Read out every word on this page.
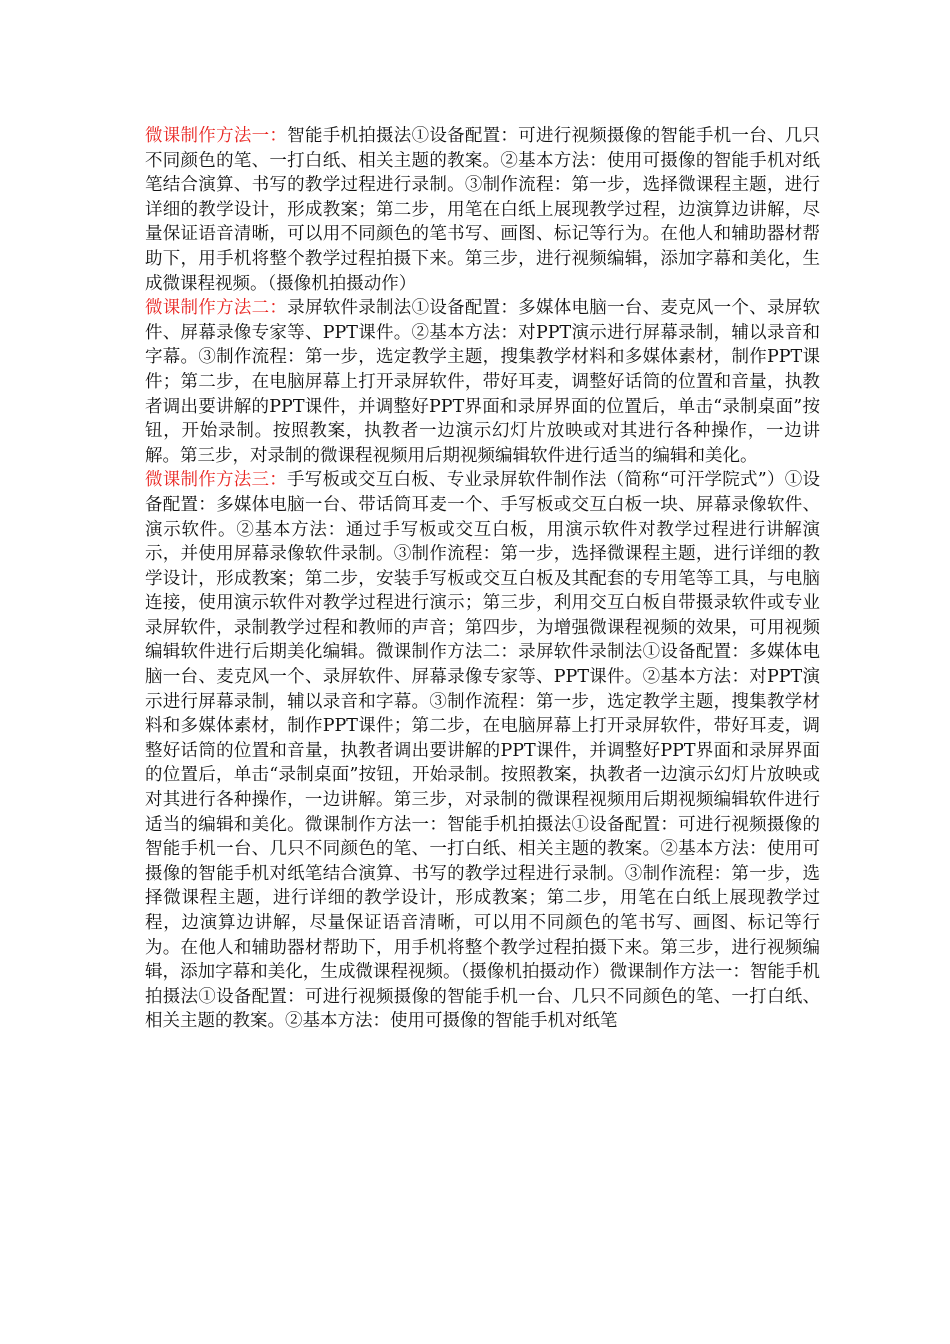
微课制作方法一：智能手机拍摄法①设备配置：可进行视频摄像的智能手机一台、几只不同颜色的笔、一打白纸、相关主题的教案。②基本方法：使用可摄像的智能手机对纸笔结合演算、书写的教学过程进行录制。③制作流程：第一步，选择微课程主题，进行详细的教学设计，形成教案；第二步，用笔在白纸上展现教学过程，边演算边讲解，尽量保证语音清晰，可以用不同颜色的笔书写、画图、标记等行为。在他人和辅助器材帮助下，用手机将整个教学过程拍摄下来。第三步，进行视频编辑，添加字幕和美化，生成微课程视频。（摄像机拍摄动作）

微课制作方法二：录屏软件录制法①设备配置：多媒体电脑一台、麦克风一个、录屏软件、屏幕录像专家等、PPT课件。②基本方法：对PPT演示进行屏幕录制，辅以录音和字幕。③制作流程：第一步，选定教学主题，搜集教学材料和多媒体素材，制作PPT课件；第二步，在电脑屏幕上打开录屏软件，带好耳麦，调整好话筒的位置和音量，执教者调出要讲解的PPT课件，并调整好PPT界面和录屏界面的位置后，单击“录制桌面”按钮，开始录制。按照教案，执教者一边演示幻灯片放映或对其进行各种操作，一边讲解。第三步，对录制的微课程视频用后期视频编辑软件进行适当的编辑和美化。

微课制作方法三：手写板或交互白板、专业录屏软件制作法（简称“可汗学院式”）①设备配置：多媒体电脑一台、带话筒耳麦一个、手写板或交互白板一块、屏幕录像软件、演示软件。②基本方法：通过手写板或交互白板，用演示软件对教学过程进行讲解演示，并使用屏幕录像软件录制。③制作流程：第一步，选择微课程主题，进行详细的教学设计，形成教案；第二步，安装手写板或交互白板及其配套的专用笔等工具，与电脑连接，使用演示软件对教学过程进行演示；第三步，利用交互白板自带摄录软件或专业录屏软件，录制教学过程和教师的声音；第四步，为增强微课程视频的效果，可用视频编辑软件进行后期美化编辑。微课制作方法二：录屏软件录制法①设备配置：多媒体电脑一台、麦克风一个、录屏软件、屏幕录像专家等、PPT课件。②基本方法：对PPT演示进行屏幕录制，辅以录音和字幕。③制作流程：第一步，选定教学主题，搜集教学材料和多媒体素材，制作PPT课件；第二步，在电脑屏幕上打开录屏软件，带好耳麦，调整好话筒的位置和音量，执教者调出要讲解的PPT课件，并调整好PPT界面和录屏界面的位置后，单击“录制桌面”按钮，开始录制。按照教案，执教者一边演示幻灯片放映或对其进行各种操作，一边讲解。第三步，对录制的微课程视频用后期视频编辑软件进行适当的编辑和美化。微课制作方法一：智能手机拍摄法①设备配置：可进行视频摄像的智能手机一台、几只不同颜色的笔、一打白纸、相关主题的教案。②基本方法：使用可摄像的智能手机对纸笔结合演算、书写的教学过程进行录制。③制作流程：第一步，选择微课程主题，进行详细的教学设计，形成教案；第二步，用笔在白纸上展现教学过程，边演算边讲解，尽量保证语音清晰，可以用不同颜色的笔书写、画图、标记等行为。在他人和辅助器材帮助下，用手机将整个教学过程拍摄下来。第三步，进行视频编辑，添加字幕和美化，生成微课程视频。（摄像机拍摄动作）微课制作方法一：智能手机拍摄法①设备配置：可进行视频摄像的智能手机一台、几只不同颜色的笔、一打白纸、相关主题的教案。②基本方法：使用可摄像的智能手机对纸笔
